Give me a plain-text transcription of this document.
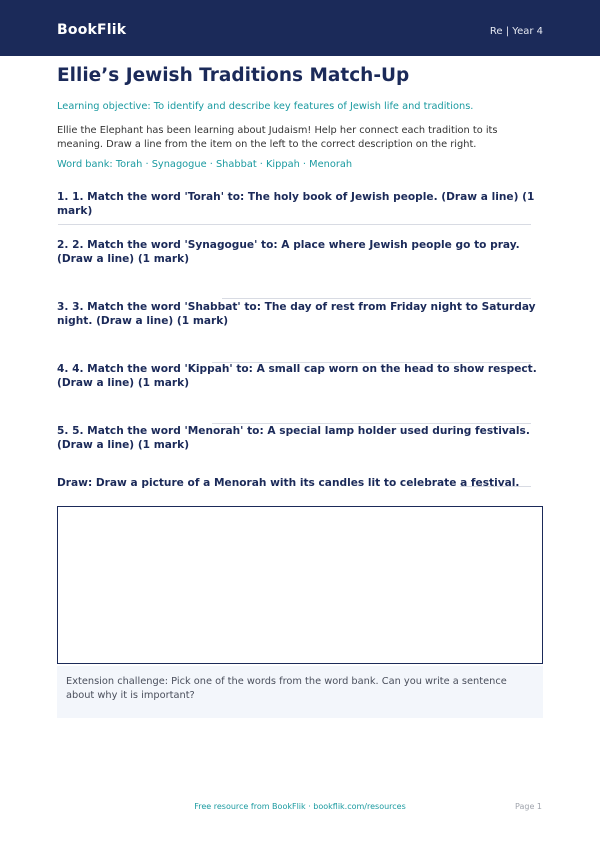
BookFlik	Re | Year 4
Ellie’s Jewish Traditions Match-Up
Learning objective: To identify and describe key features of Jewish life and traditions.
Ellie the Elephant has been learning about Judaism! Help her connect each tradition to its meaning. Draw a line from the item on the left to the correct description on the right.
Word bank: Torah · Synagogue · Shabbat · Kippah · Menorah
1. 1. Match the word 'Torah' to: The holy book of Jewish people. (Draw a line) (1 mark)
2. 2. Match the word 'Synagogue' to: A place where Jewish people go to pray. (Draw a line) (1 mark)
3. 3. Match the word 'Shabbat' to: The day of rest from Friday night to Saturday night. (Draw a line) (1 mark)
4. 4. Match the word 'Kippah' to: A small cap worn on the head to show respect. (Draw a line) (1 mark)
5. 5. Match the word 'Menorah' to: A special lamp holder used during festivals. (Draw a line) (1 mark)
Draw: Draw a picture of a Menorah with its candles lit to celebrate a festival.
Extension challenge: Pick one of the words from the word bank. Can you write a sentence about why it is important?
Free resource from BookFlik · bookflik.com/resources	Page 1
